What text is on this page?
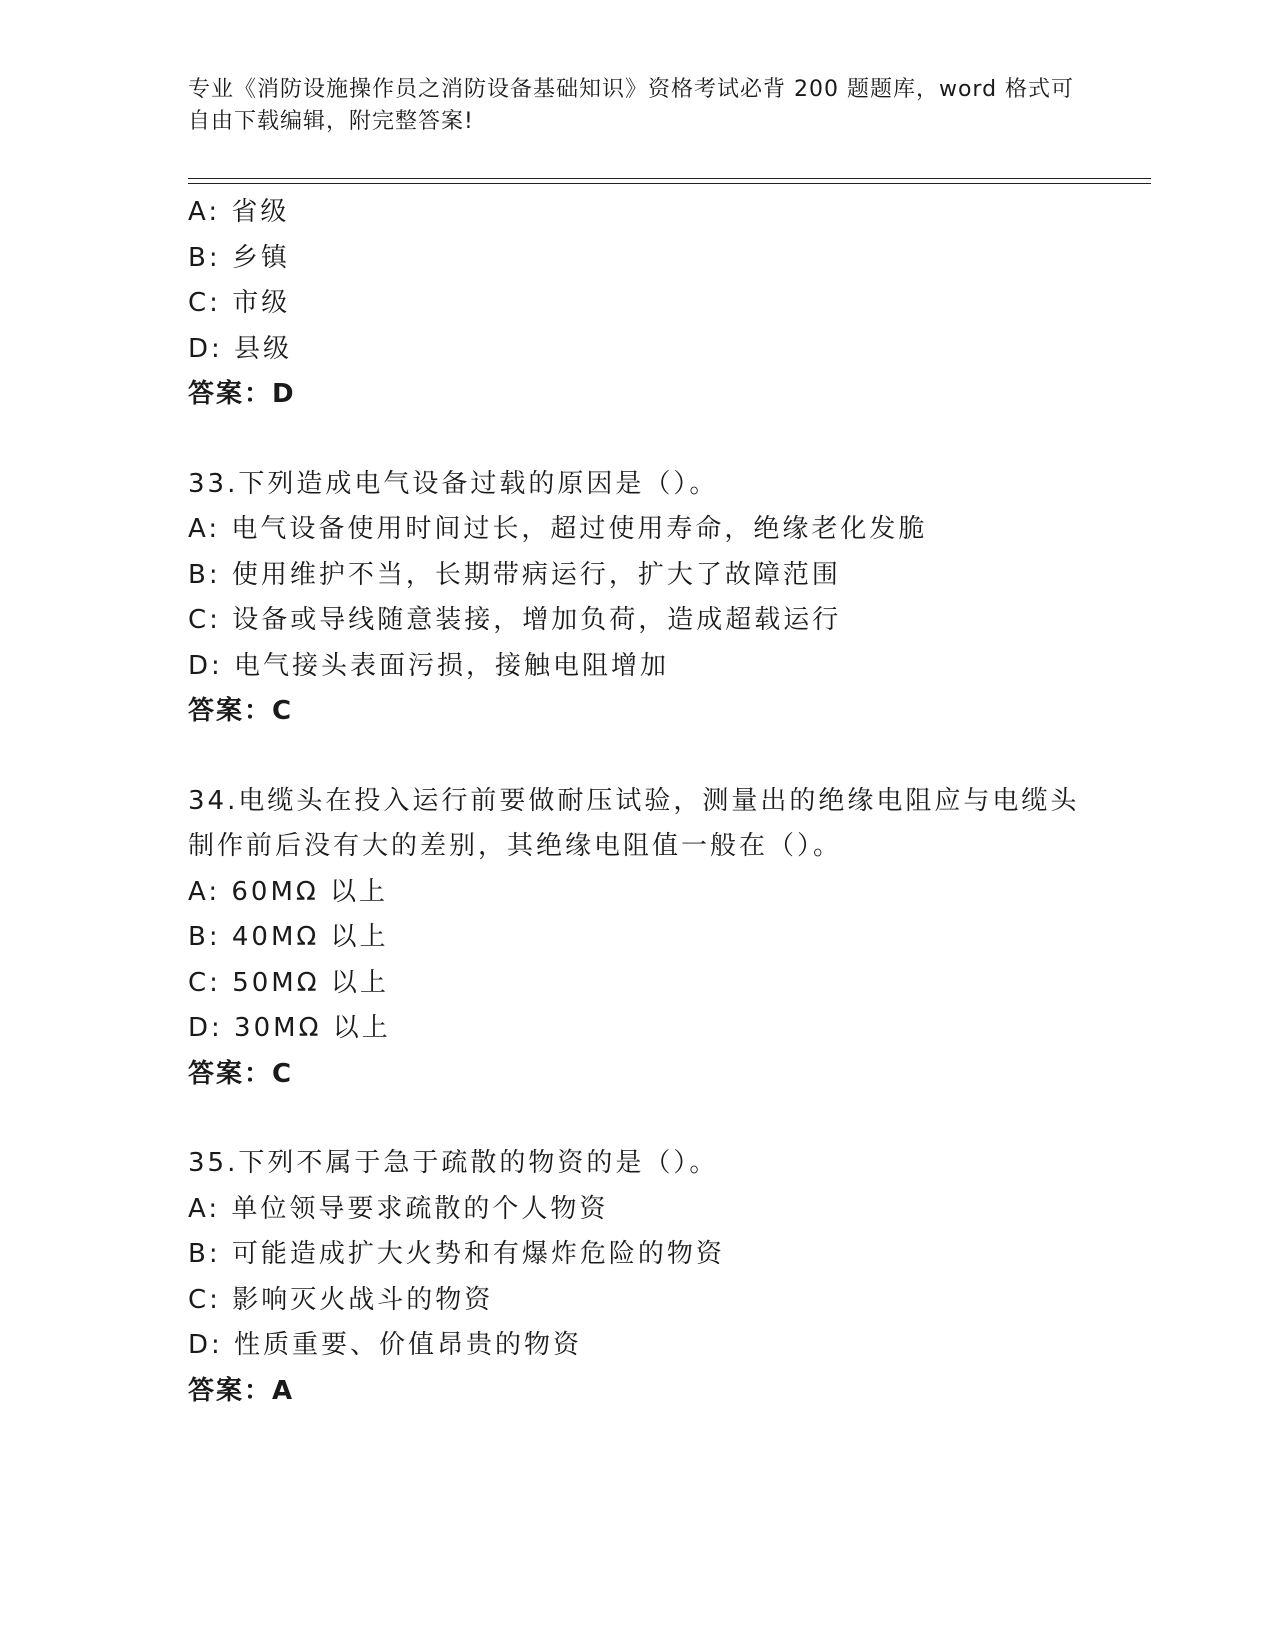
专业《消防设施操作员之消防设备基础知识》资格考试必背 200 题题库，word 格式可自由下载编辑，附完整答案!
A: 省级
B: 乡镇
C: 市级
D: 县级
答案：D
33.下列造成电气设备过载的原因是（）。
A: 电气设备使用时间过长，超过使用寿命，绝缘老化发脆
B: 使用维护不当，长期带病运行，扩大了故障范围
C: 设备或导线随意装接，增加负荷，造成超载运行
D: 电气接头表面污损，接触电阻增加
答案：C
34.电缆头在投入运行前要做耐压试验，测量出的绝缘电阻应与电缆头制作前后没有大的差别，其绝缘电阻值一般在（）。
A: 60MΩ 以上
B: 40MΩ 以上
C: 50MΩ 以上
D: 30MΩ 以上
答案：C
35.下列不属于急于疏散的物资的是（）。
A: 单位领导要求疏散的个人物资
B: 可能造成扩大火势和有爆炸危险的物资
C: 影响灭火战斗的物资
D: 性质重要、价值昂贵的物资
答案：A
